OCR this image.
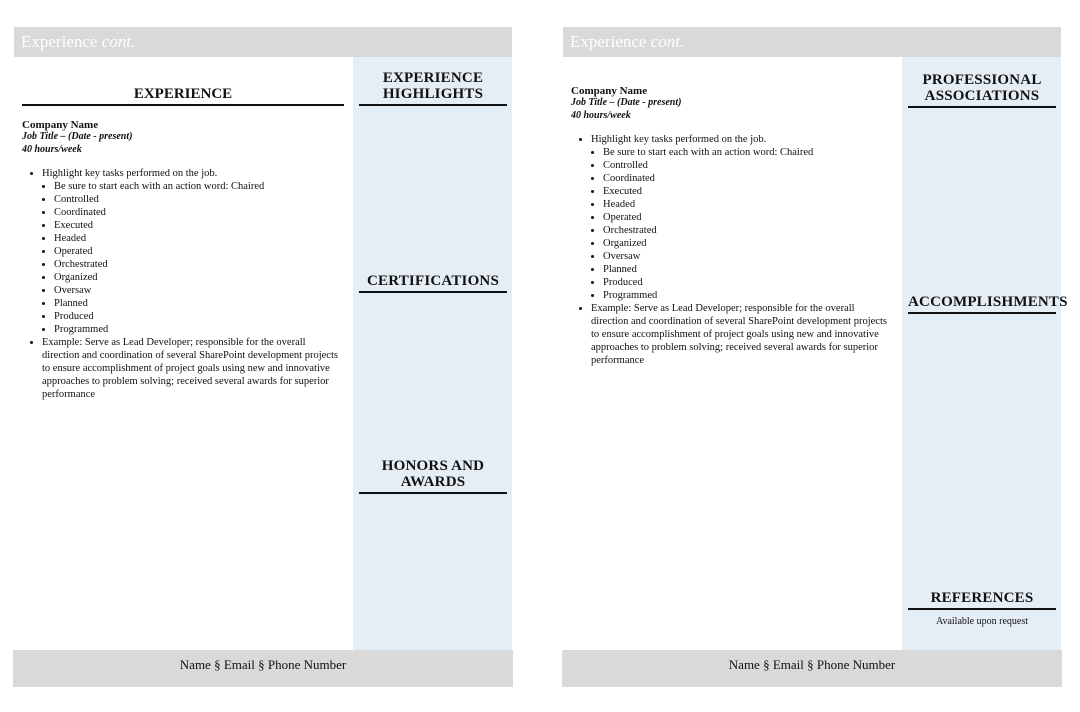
Experience cont.
EXPERIENCE
Company Name
Job Title – (Date - present)
40 hours/week
• Highlight key tasks performed on the job.
• Be sure to start each with an action word: Chaired
• Controlled
• Coordinated
• Executed
• Headed
• Operated
• Orchestrated
• Organized
• Oversaw
• Planned
• Produced
• Programmed
• Example: Serve as Lead Developer; responsible for the overall direction and coordination of several SharePoint development projects to ensure accomplishment of project goals using new and innovative approaches to problem solving; received several awards for superior performance
EXPERIENCE HIGHLIGHTS
CERTIFICATIONS
HONORS AND AWARDS
Name § Email § Phone Number
Experience cont.
Company Name
Job Title – (Date - present)
40 hours/week
• Highlight key tasks performed on the job.
• Be sure to start each with an action word: Chaired
• Controlled
• Coordinated
• Executed
• Headed
• Operated
• Orchestrated
• Organized
• Oversaw
• Planned
• Produced
• Programmed
• Example: Serve as Lead Developer; responsible for the overall direction and coordination of several SharePoint development projects to ensure accomplishment of project goals using new and innovative approaches to problem solving; received several awards for superior performance
PROFESSIONAL ASSOCIATIONS
ACCOMPLISHMENTS
REFERENCES
Available upon request
Name § Email § Phone Number
